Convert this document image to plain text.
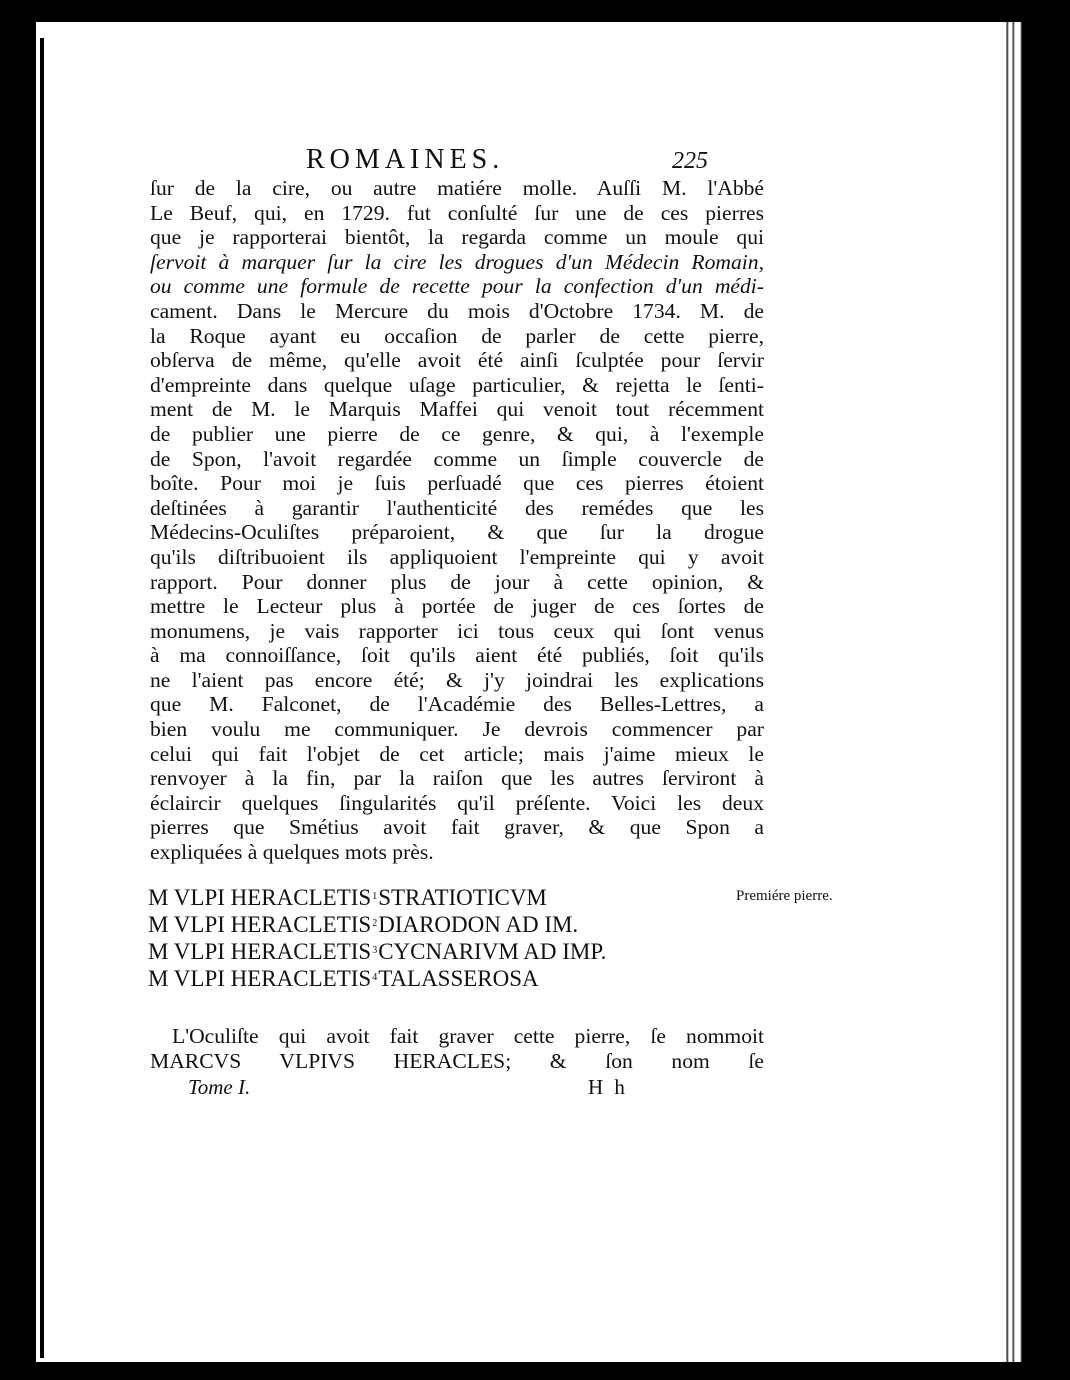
ROMAINES.	225
ſur de la cire, ou autre matiére molle. Auſſi M. l'Abbé
Le Beuf, qui, en 1729. fut conſulté ſur une de ces pierres
que je rapporterai bientôt, la regarda comme un moule qui
ſervoit à marquer ſur la cire les drogues d'un Médecin Romain,
ou comme une formule de recette pour la confection d'un médi-
cament. Dans le Mercure du mois d'Octobre 1734. M. de
la Roque ayant eu occaſion de parler de cette pierre,
obſerva de même, qu'elle avoit été ainſi ſculptée pour ſervir
d'empreinte dans quelque uſage particulier, & rejetta le ſenti-
ment de M. le Marquis Maffei qui venoit tout récemment
de publier une pierre de ce genre, & qui, à l'exemple
de Spon, l'avoit regardée comme un ſimple couvercle de
boîte. Pour moi je ſuis perſuadé que ces pierres étoient
deſtinées à garantir l'authenticité des remédes que les
Médecins-Oculiſtes préparoient, & que ſur la drogue
qu'ils diſtribuoient ils appliquoient l'empreinte qui y avoit
rapport. Pour donner plus de jour à cette opinion, &
mettre le Lecteur plus à portée de juger de ces ſortes de
monumens, je vais rapporter ici tous ceux qui ſont venus
à ma connoiſſance, ſoit qu'ils aient été publiés, ſoit qu'ils
ne l'aient pas encore été; & j'y joindrai les explications
que M. Falconet, de l'Académie des Belles-Lettres, a
bien voulu me communiquer. Je devrois commencer par
celui qui fait l'objet de cet article; mais j'aime mieux le
renvoyer à la fin, par la raiſon que les autres ſerviront à
éclaircir quelques ſingularités qu'il préſente. Voici les deux
pierres que Smétius avoit fait graver, & que Spon a
expliquées à quelques mots près.
M VLPI HERACLETIS$^1$STRATIOTICVM
M VLPI HERACLETIS$^2$DIARODON AD IM.
M VLPI HERACLETIS$^3$CYCNARIVM AD IMP.
M VLPI HERACLETIS$^4$TALASSEROSA
Premiére pierre.
L'Oculiſte qui avoit fait graver cette pierre, ſe nommoit
MARCVS VLPIVS HERACLES; & ſon nom ſe
Tome I.	H h
